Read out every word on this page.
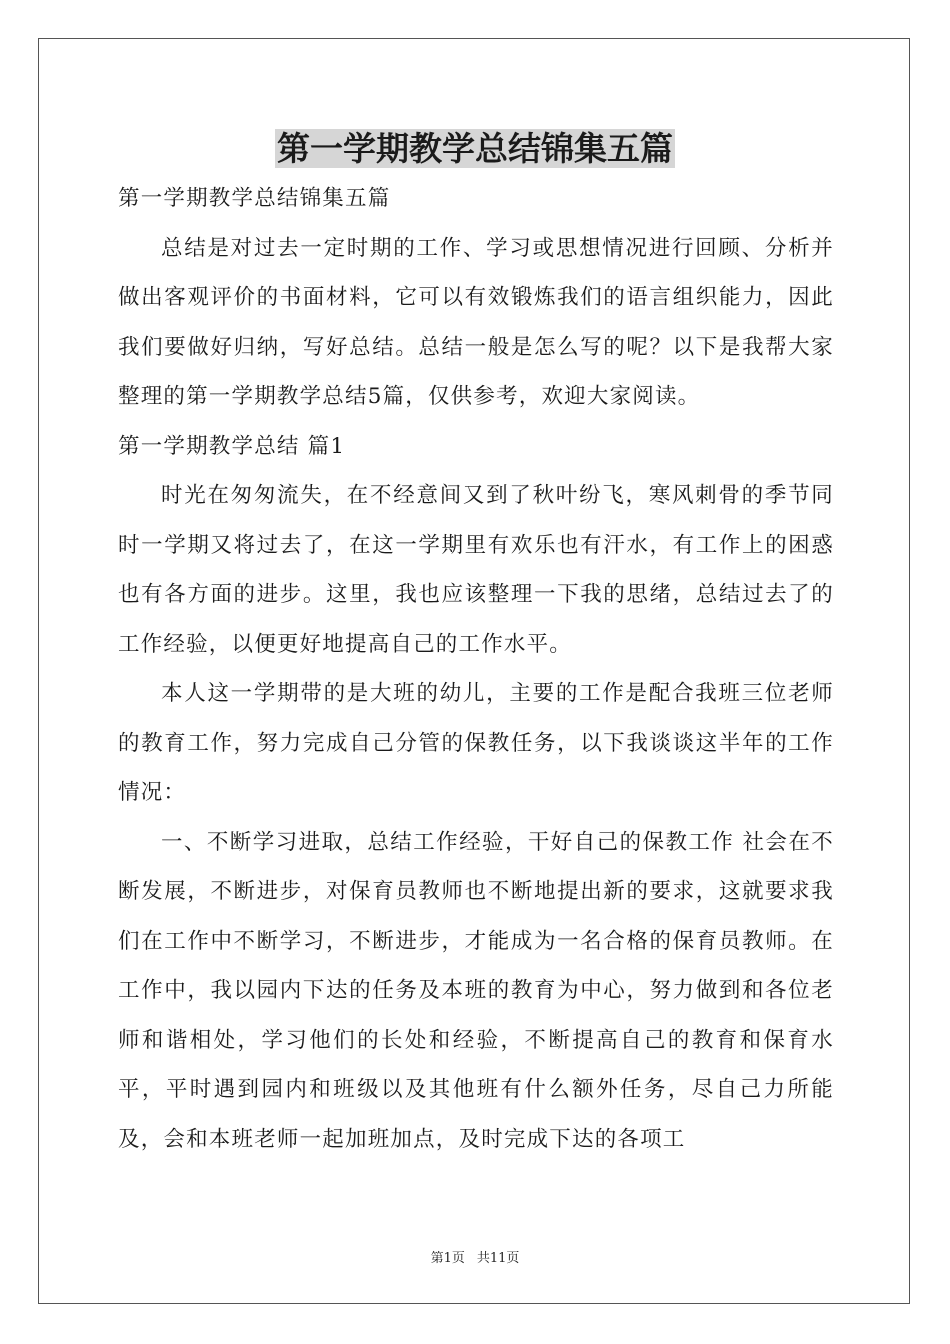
第一学期教学总结锦集五篇

第一学期教学总结锦集五篇

总结是对过去一定时期的工作、学习或思想情况进行回顾、分析并做出客观评价的书面材料，它可以有效锻炼我们的语言组织能力，因此我们要做好归纳，写好总结。总结一般是怎么写的呢？以下是我帮大家整理的第一学期教学总结5篇，仅供参考，欢迎大家阅读。

第一学期教学总结 篇1

时光在匆匆流失，在不经意间又到了秋叶纷飞，寒风刺骨的季节同时一学期又将过去了，在这一学期里有欢乐也有汗水，有工作上的困惑也有各方面的进步。这里，我也应该整理一下我的思绪，总结过去了的工作经验，以便更好地提高自己的工作水平。

本人这一学期带的是大班的幼儿，主要的工作是配合我班三位老师的教育工作，努力完成自己分管的保教任务，以下我谈谈这半年的工作情况：

一、不断学习进取，总结工作经验，干好自己的保教工作 社会在不断发展，不断进步，对保育员教师也不断地提出新的要求，这就要求我们在工作中不断学习，不断进步，才能成为一名合格的保育员教师。在工作中，我以园内下达的任务及本班的教育为中心，努力做到和各位老师和谐相处，学习他们的长处和经验，不断提高自己的教育和保育水平，平时遇到园内和班级以及其他班有什么额外任务，尽自己力所能及，会和本班老师一起加班加点，及时完成下达的各项工

第1页 共11页
